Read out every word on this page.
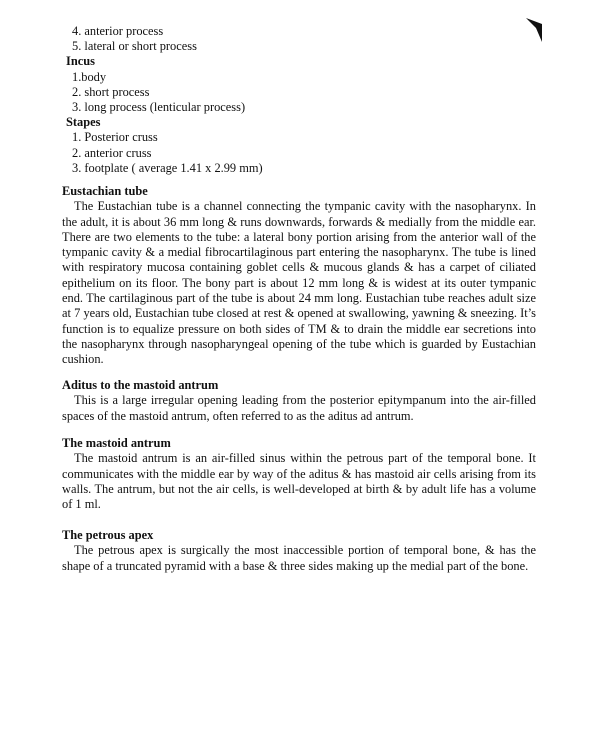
4. anterior process
5. lateral or short process
Incus
1.body
2. short process
3. long process (lenticular process)
Stapes
1. Posterior cruss
2. anterior cruss
3. footplate ( average 1.41 x 2.99 mm)
Eustachian tube
The Eustachian tube is a channel connecting the tympanic cavity with the nasopharynx. In the adult, it is about 36 mm long & runs downwards, forwards & medially from the middle ear. There are two elements to the tube: a lateral bony portion arising from the anterior wall of the tympanic cavity & a medial fibrocartilaginous part entering the nasopharynx. The tube is lined with respiratory mucosa containing goblet cells & mucous glands & has a carpet of ciliated epithelium on its floor. The bony part is about 12 mm long & is widest at its outer tympanic end. The cartilaginous part of the tube is about 24 mm long. Eustachian tube reaches adult size at 7 years old, Eustachian tube closed at rest & opened at swallowing, yawning & sneezing. It’s function is to equalize pressure on both sides of TM & to drain the middle ear secretions into the nasopharynx through nasopharyngeal opening of the tube which is guarded by Eustachian cushion.
Aditus to the mastoid antrum
This is a large irregular opening leading from the posterior epitympanum into the air-filled spaces of the mastoid antrum, often referred to as the aditus ad antrum.
The mastoid antrum
The mastoid antrum is an air-filled sinus within the petrous part of the temporal bone. It communicates with the middle ear by way of the aditus & has mastoid air cells arising from its walls. The antrum, but not the air cells, is well-developed at birth & by adult life has a volume of 1 ml.
The petrous apex
The petrous apex is surgically the most inaccessible portion of temporal bone, & has the shape of a truncated pyramid with a base & three sides making up the medial part of the bone.
